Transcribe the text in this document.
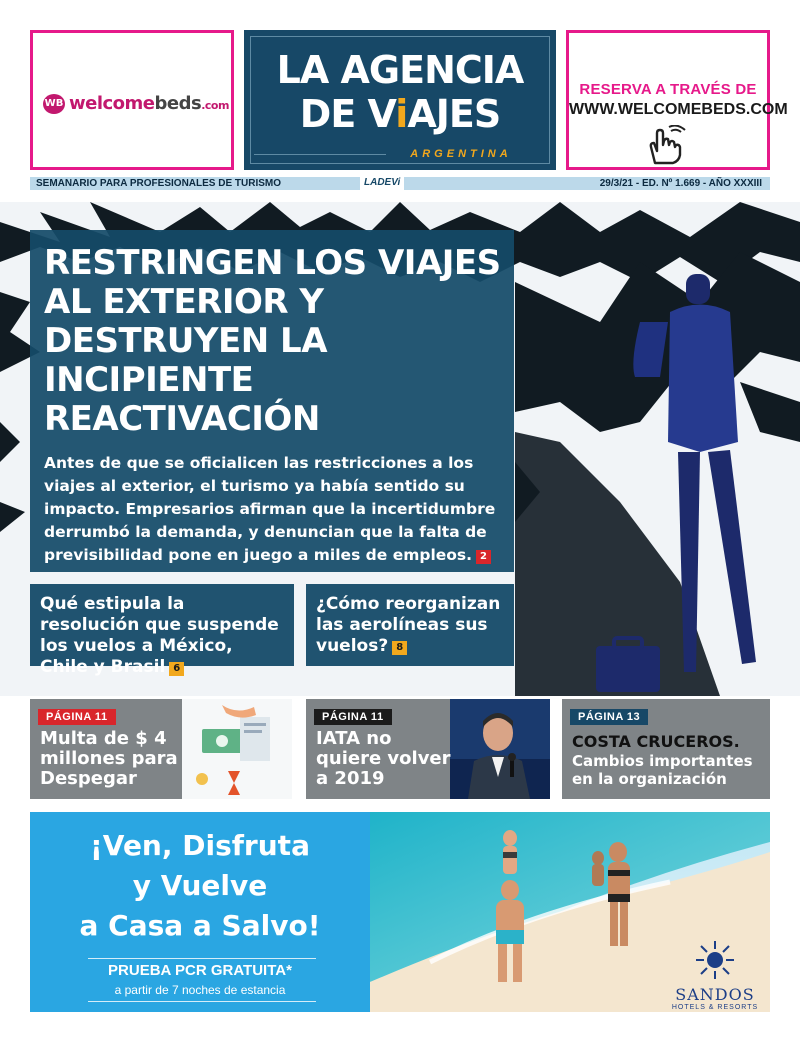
WB welcomebeds.com
LA AGENCIA
DE ViAJES
ARGENTINA
RESERVA A TRAVÉS DE
WWW.WELCOMEBEDS.COM
SEMANARIO PARA PROFESIONALES DE TURISMO	LADEVi	29/3/21 - ED. Nº 1.669 - AÑO XXXIII
RESTRINGEN LOS VIAJES AL EXTERIOR Y DESTRUYEN LA INCIPIENTE REACTIVACIÓN
Antes de que se oficialicen las restricciones a los viajes al exterior, el turismo ya había sentido su impacto. Empresarios afirman que la incertidumbre derrumbó la demanda, y denuncian que la falta de previsibilidad pone en juego a miles de empleos. 2
Qué estipula la resolución que suspende los vuelos a México, Chile y Brasil 6
¿Cómo reorganizan las aerolíneas sus vuelos? 8
PÁGINA 11
Multa de $ 4
millones para
Despegar
PÁGINA 11
IATA no
quiere volver
a 2019
PÁGINA 13
COSTA CRUCEROS.
Cambios importantes en la organización
¡Ven, Disfruta
y Vuelve
a Casa a Salvo!
PRUEBA PCR GRATUITA*
a partir de 7 noches de estancia	SANDOS
HOTELS & RESORTS
